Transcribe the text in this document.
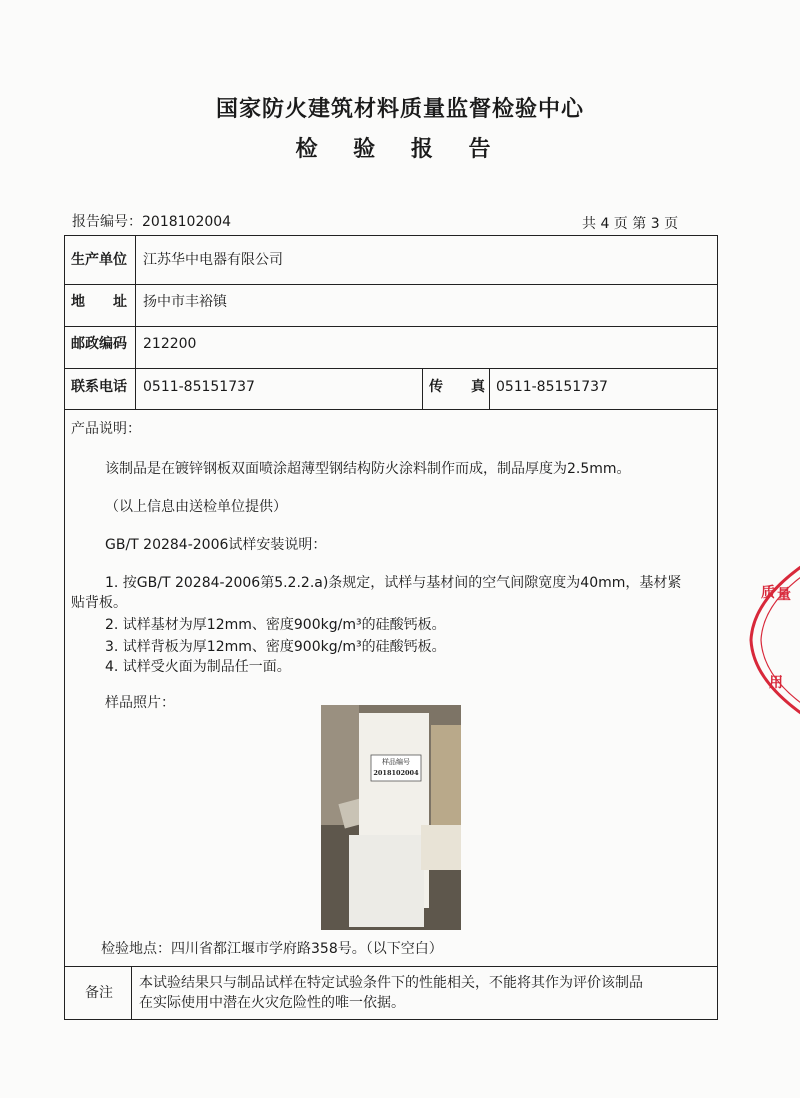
国家防火建筑材料质量监督检验中心
检 验 报 告
报告编号：2018102004	共 4 页 第 3 页
生产单位 江苏华中电器有限公司
地　　址 扬中市丰裕镇
邮政编码 212200
联系电话 0511-85151737	传　　真 0511-85151737
产品说明：
该制品是在镀锌钢板双面喷涂超薄型钢结构防火涂料制作而成，制品厚度为2.5mm。
（以上信息由送检单位提供）
GB/T 20284-2006试样安装说明：
1. 按GB/T 20284-2006第5.2.2.a)条规定，试样与基材间的空气间隙宽度为40mm，基材紧
贴背板。
2. 试样基材为厚12mm、密度900kg/m³的硅酸钙板。
3. 试样背板为厚12mm、密度900kg/m³的硅酸钙板。
4. 试样受火面为制品任一面。
样品照片：
检验地点：四川省都江堰市学府路358号。（以下空白）
备注
本试验结果只与制品试样在特定试验条件下的性能相关，不能将其作为评价该制品
在实际使用中潜在火灾危险性的唯一依据。
样品编号
2018102004
质 量
用
